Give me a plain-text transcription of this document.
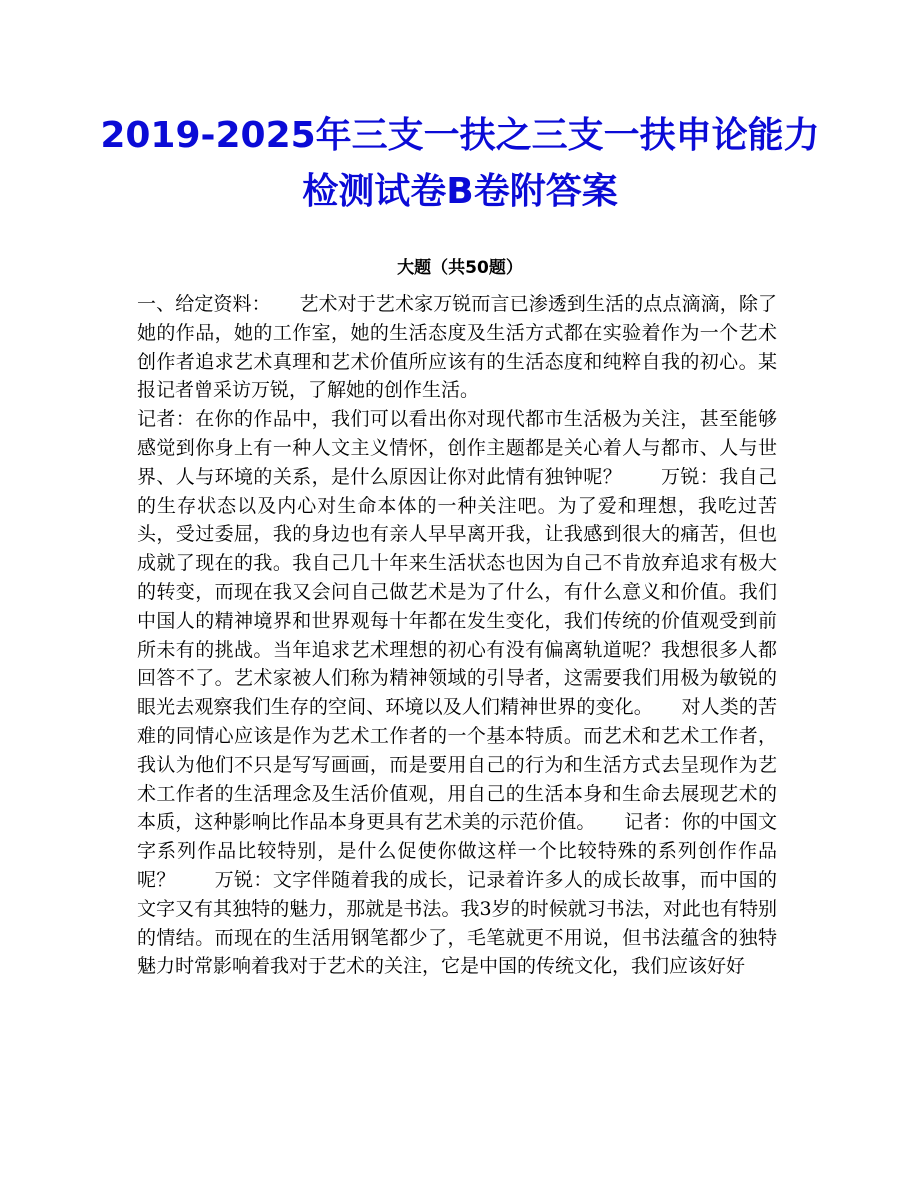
2019-2025年三支一扶之三支一扶申论能力检测试卷B卷附答案
大题（共50题）

一、给定资料：　　艺术对于艺术家万锐而言已渗透到生活的点点滴滴，除了她的作品，她的工作室，她的生活态度及生活方式都在实验着作为一个艺术创作者追求艺术真理和艺术价值所应该有的生活态度和纯粹自我的初心。某报记者曾采访万锐，了解她的创作生活。

记者：在你的作品中，我们可以看出你对现代都市生活极为关注，甚至能够感觉到你身上有一种人文主义情怀，创作主题都是关心着人与都市、人与世界、人与环境的关系，是什么原因让你对此情有独钟呢？　　万锐：我自己的生存状态以及内心对生命本体的一种关注吧。为了爱和理想，我吃过苦头，受过委屈，我的身边也有亲人早早离开我，让我感到很大的痛苦，但也成就了现在的我。我自己几十年来生活状态也因为自己不肯放弃追求有极大的转变，而现在我又会问自己做艺术是为了什么，有什么意义和价值。我们中国人的精神境界和世界观每十年都在发生变化，我们传统的价值观受到前所未有的挑战。当年追求艺术理想的初心有没有偏离轨道呢？我想很多人都回答不了。艺术家被人们称为精神领域的引导者，这需要我们用极为敏锐的眼光去观察我们生存的空间、环境以及人们精神世界的变化。　　对人类的苦难的同情心应该是作为艺术工作者的一个基本特质。而艺术和艺术工作者，我认为他们不只是写写画画，而是要用自己的行为和生活方式去呈现作为艺术工作者的生活理念及生活价值观，用自己的生活本身和生命去展现艺术的本质，这种影响比作品本身更具有艺术美的示范价值。　　记者：你的中国文字系列作品比较特别，是什么促使你做这样一个比较特殊的系列创作作品呢？　　万锐：文字伴随着我的成长，记录着许多人的成长故事，而中国的文字又有其独特的魅力，那就是书法。我3岁的时候就习书法，对此也有特别的情结。而现在的生活用钢笔都少了，毛笔就更不用说，但书法蕴含的独特魅力时常影响着我对于艺术的关注，它是中国的传统文化，我们应该好好
